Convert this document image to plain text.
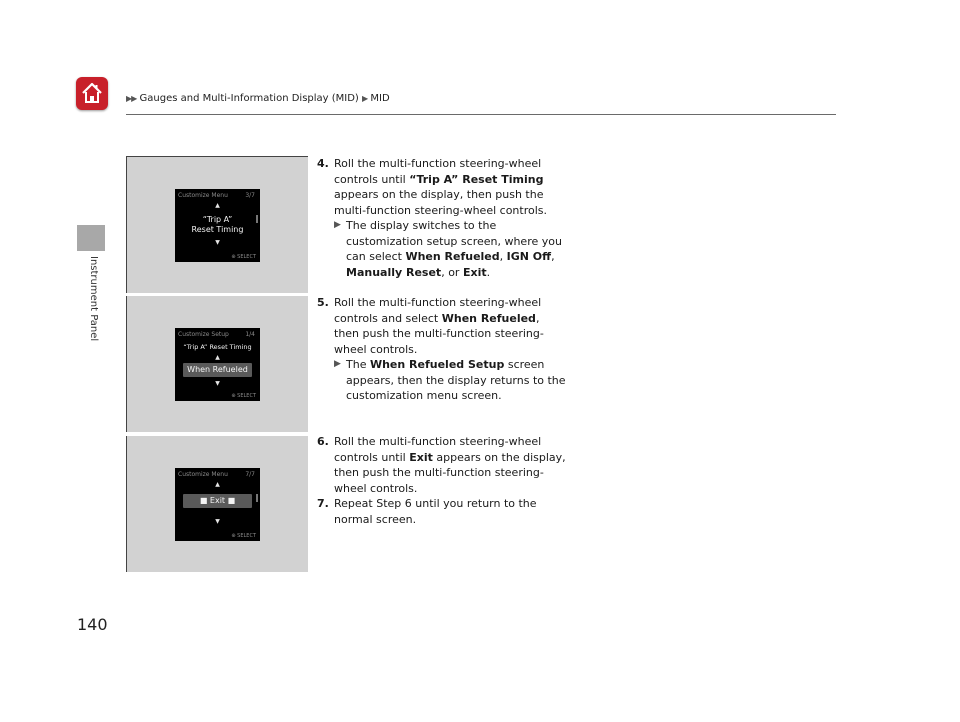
▶▶ Gauges and Multi-Information Display (MID) ▶ MID
Instrument Panel
Customize Menu	3/7
▲
“Trip A”
Reset Timing
▼
⊕ SELECT
Customize Setup	1/4
“Trip A” Reset Timing
▲
When Refueled
▼
⊕ SELECT
Customize Menu	7/7
▲
■ Exit ■
▼
⊕ SELECT
4. Roll the multi-function steering-wheel controls until “Trip A” Reset Timing appears on the display, then push the multi-function steering-wheel controls.
▶ The display switches to the customization setup screen, where you can select When Refueled, IGN Off, Manually Reset, or Exit.
5. Roll the multi-function steering-wheel controls and select When Refueled, then push the multi-function steering-wheel controls.
▶ The When Refueled Setup screen appears, then the display returns to the customization menu screen.
6. Roll the multi-function steering-wheel controls until Exit appears on the display, then push the multi-function steering-wheel controls.
7. Repeat Step 6 until you return to the normal screen.
140
